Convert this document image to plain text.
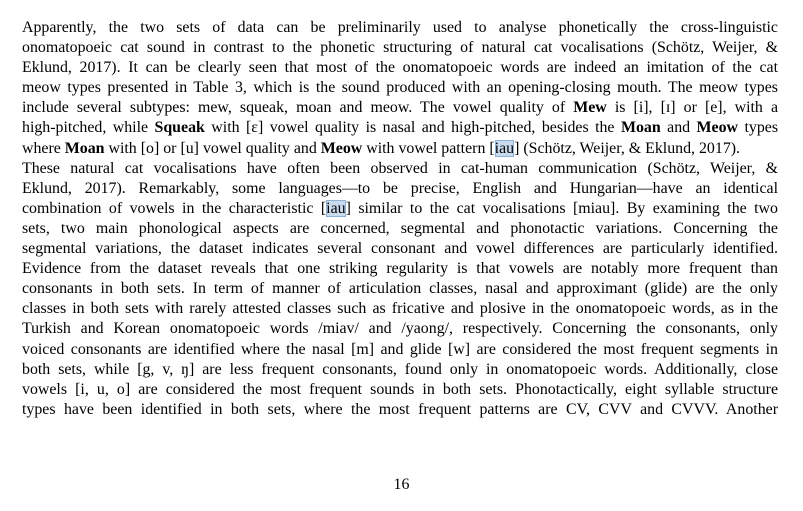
Apparently, the two sets of data can be preliminarily used to analyse phonetically the cross-linguistic
onomatopoeic cat sound in contrast to the phonetic structuring of natural cat vocalisations (Schötz, Weijer, &
Eklund, 2017). It can be clearly seen that most of the onomatopoeic words are indeed an imitation of the cat
meow types presented in Table 3, which is the sound produced with an opening-closing mouth. The meow types
include several subtypes: mew, squeak, moan and meow. The vowel quality of Mew is [i], [ɪ] or [e], with a
high-pitched, while Squeak with [ɛ] vowel quality is nasal and high-pitched, besides the Moan and Meow types
where Moan with [o] or [u] vowel quality and Meow with vowel pattern [iau] (Schötz, Weijer, & Eklund, 2017).
These natural cat vocalisations have often been observed in cat-human communication (Schötz, Weijer, &
Eklund, 2017). Remarkably, some languages—to be precise, English and Hungarian—have an identical
combination of vowels in the characteristic [iau] similar to the cat vocalisations [miau]. By examining the two
sets, two main phonological aspects are concerned, segmental and phonotactic variations. Concerning the
segmental variations, the dataset indicates several consonant and vowel differences are particularly identified.
Evidence from the dataset reveals that one striking regularity is that vowels are notably more frequent than
consonants in both sets. In term of manner of articulation classes, nasal and approximant (glide) are the only
classes in both sets with rarely attested classes such as fricative and plosive in the onomatopoeic words, as in the
Turkish and Korean onomatopoeic words /miav/ and /yaong/, respectively. Concerning the consonants, only
voiced consonants are identified where the nasal [m] and glide [w] are considered the most frequent segments in
both sets, while [g, v, ŋ] are less frequent consonants, found only in onomatopoeic words. Additionally, close
vowels [i, u, o] are considered the most frequent sounds in both sets. Phonotactically, eight syllable structure
types have been identified in both sets, where the most frequent patterns are CV, CVV and CVVV. Another
16
